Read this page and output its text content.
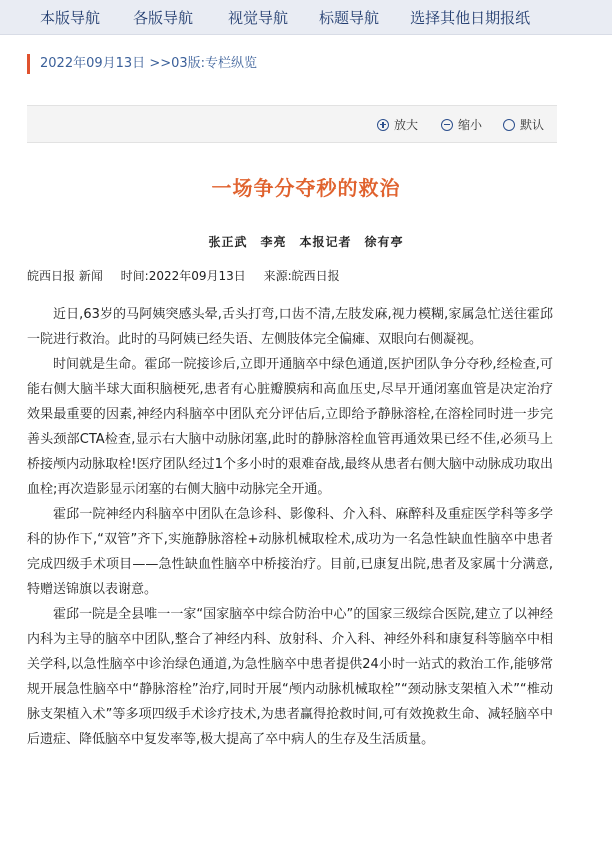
本版导航 各版导航 视觉导航 标题导航 选择其他日期报纸
2022年09月13日 >>03版:专栏纵览
放大	缩小	默认
一场争分夺秒的救治
张正武　李亮　本报记者　徐有亭
皖西日报 新闻 时间:2022年09月13日 来源:皖西日报

近日,63岁的马阿姨突感头晕,舌头打弯,口齿不清,左肢发麻,视力模糊,家属急忙送往霍邱一院进行救治。此时的马阿姨已经失语、左侧肢体完全偏瘫、双眼向右侧凝视。

时间就是生命。霍邱一院接诊后,立即开通脑卒中绿色通道,医护团队争分夺秒,经检查,可能右侧大脑半球大面积脑梗死,患者有心脏瓣膜病和高血压史,尽早开通闭塞血管是决定治疗效果最重要的因素,神经内科脑卒中团队充分评估后,立即给予静脉溶栓,在溶栓同时进一步完善头颈部CTA检查,显示右大脑中动脉闭塞,此时的静脉溶栓血管再通效果已经不佳,必须马上桥接颅内动脉取栓!医疗团队经过1个多小时的艰难奋战,最终从患者右侧大脑中动脉成功取出血栓;再次造影显示闭塞的右侧大脑中动脉完全开通。

霍邱一院神经内科脑卒中团队在急诊科、影像科、介入科、麻醉科及重症医学科等多学科的协作下,“双管”齐下,实施静脉溶栓+动脉机械取栓术,成功为一名急性缺血性脑卒中患者完成四级手术项目——急性缺血性脑卒中桥接治疗。目前,已康复出院,患者及家属十分满意,特赠送锦旗以表谢意。

霍邱一院是全县唯一一家“国家脑卒中综合防治中心”的国家三级综合医院,建立了以神经内科为主导的脑卒中团队,整合了神经内科、放射科、介入科、神经外科和康复科等脑卒中相关学科,以急性脑卒中诊治绿色通道,为急性脑卒中患者提供24小时一站式的救治工作,能够常规开展急性脑卒中“静脉溶栓”治疗,同时开展“颅内动脉机械取栓”“颈动脉支架植入术”“椎动脉支架植入术”等多项四级手术诊疗技术,为患者赢得抢救时间,可有效挽救生命、减轻脑卒中后遗症、降低脑卒中复发率等,极大提高了卒中病人的生存及生活质量。
